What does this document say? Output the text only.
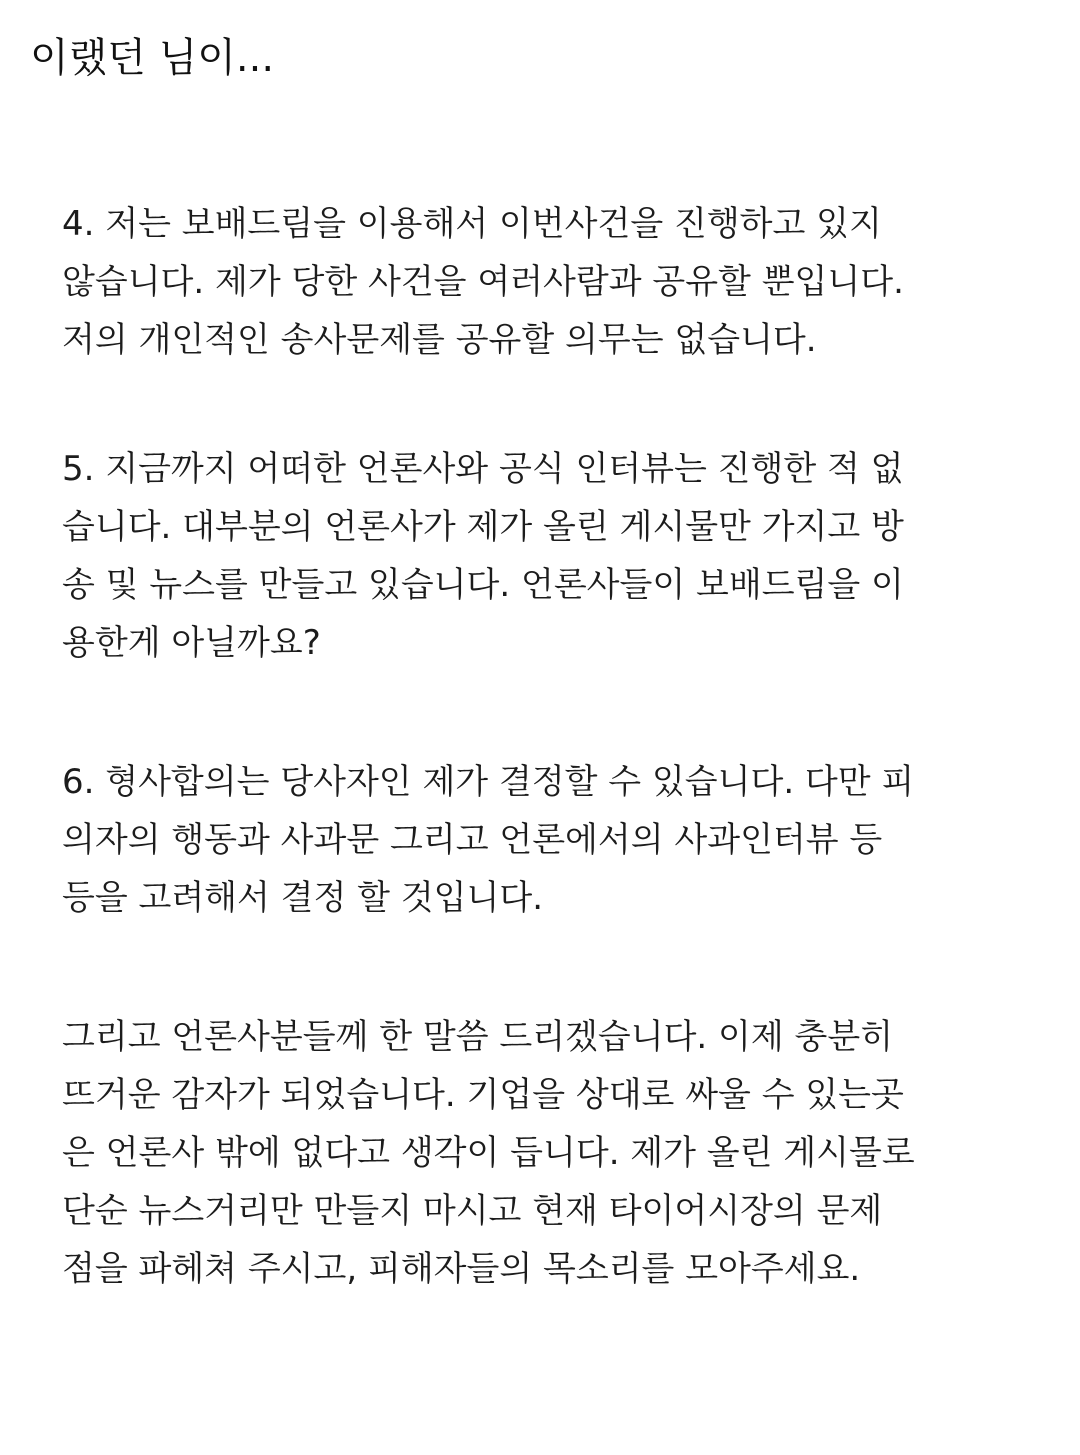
이랬던 님이...
4. 저는 보배드림을 이용해서 이번사건을 진행하고 있지
않습니다. 제가 당한 사건을 여러사람과 공유할 뿐입니다.
저의 개인적인 송사문제를 공유할 의무는 없습니다.
5. 지금까지 어떠한 언론사와 공식 인터뷰는 진행한 적 없
습니다. 대부분의 언론사가 제가 올린 게시물만 가지고 방
송 및 뉴스를 만들고 있습니다. 언론사들이 보배드림을 이
용한게 아닐까요?
6. 형사합의는 당사자인 제가 결정할 수 있습니다. 다만 피
의자의 행동과 사과문 그리고 언론에서의 사과인터뷰 등
등을 고려해서 결정 할 것입니다.
그리고 언론사분들께 한 말씀 드리겠습니다. 이제 충분히
뜨거운 감자가 되었습니다. 기업을 상대로 싸울 수 있는곳
은 언론사 밖에 없다고 생각이 듭니다. 제가 올린 게시물로
단순 뉴스거리만 만들지 마시고 현재 타이어시장의 문제
점을 파헤쳐 주시고, 피해자들의 목소리를 모아주세요.
